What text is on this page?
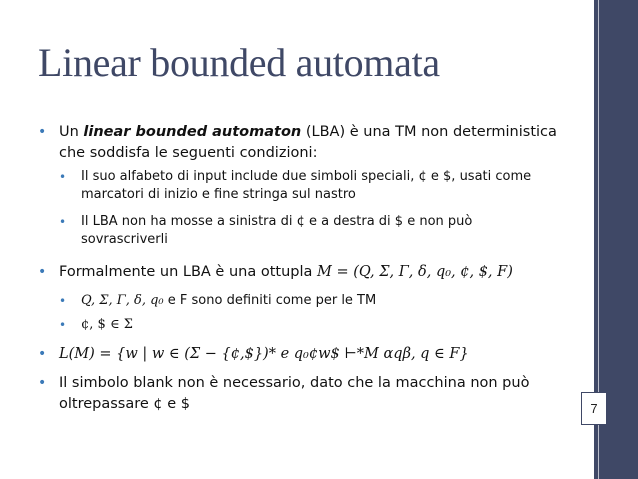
7
Linear bounded automata
• Un linear bounded automaton (LBA) è una TM non deterministica che soddisfa le seguenti condizioni:
• Il suo alfabeto di input include due simboli speciali, ¢ e $, usati come marcatori di inizio e fine stringa sul nastro
• Il LBA non ha mosse a sinistra di ¢ e a destra di $ e non può sovrascriverli
• Formalmente un LBA è una ottupla M = (Q, Σ, Γ, δ, q₀, ¢, $, F)
• Q, Σ, Γ, δ, q₀ e F sono definiti come per le TM
• ¢, $ ∈ Σ
• L(M) = {w | w ∈ (Σ − {¢,$})* e q₀¢w$ ⊢*M αqβ, q ∈ F}
• Il simbolo blank non è necessario, dato che la macchina non può oltrepassare ¢ e $
